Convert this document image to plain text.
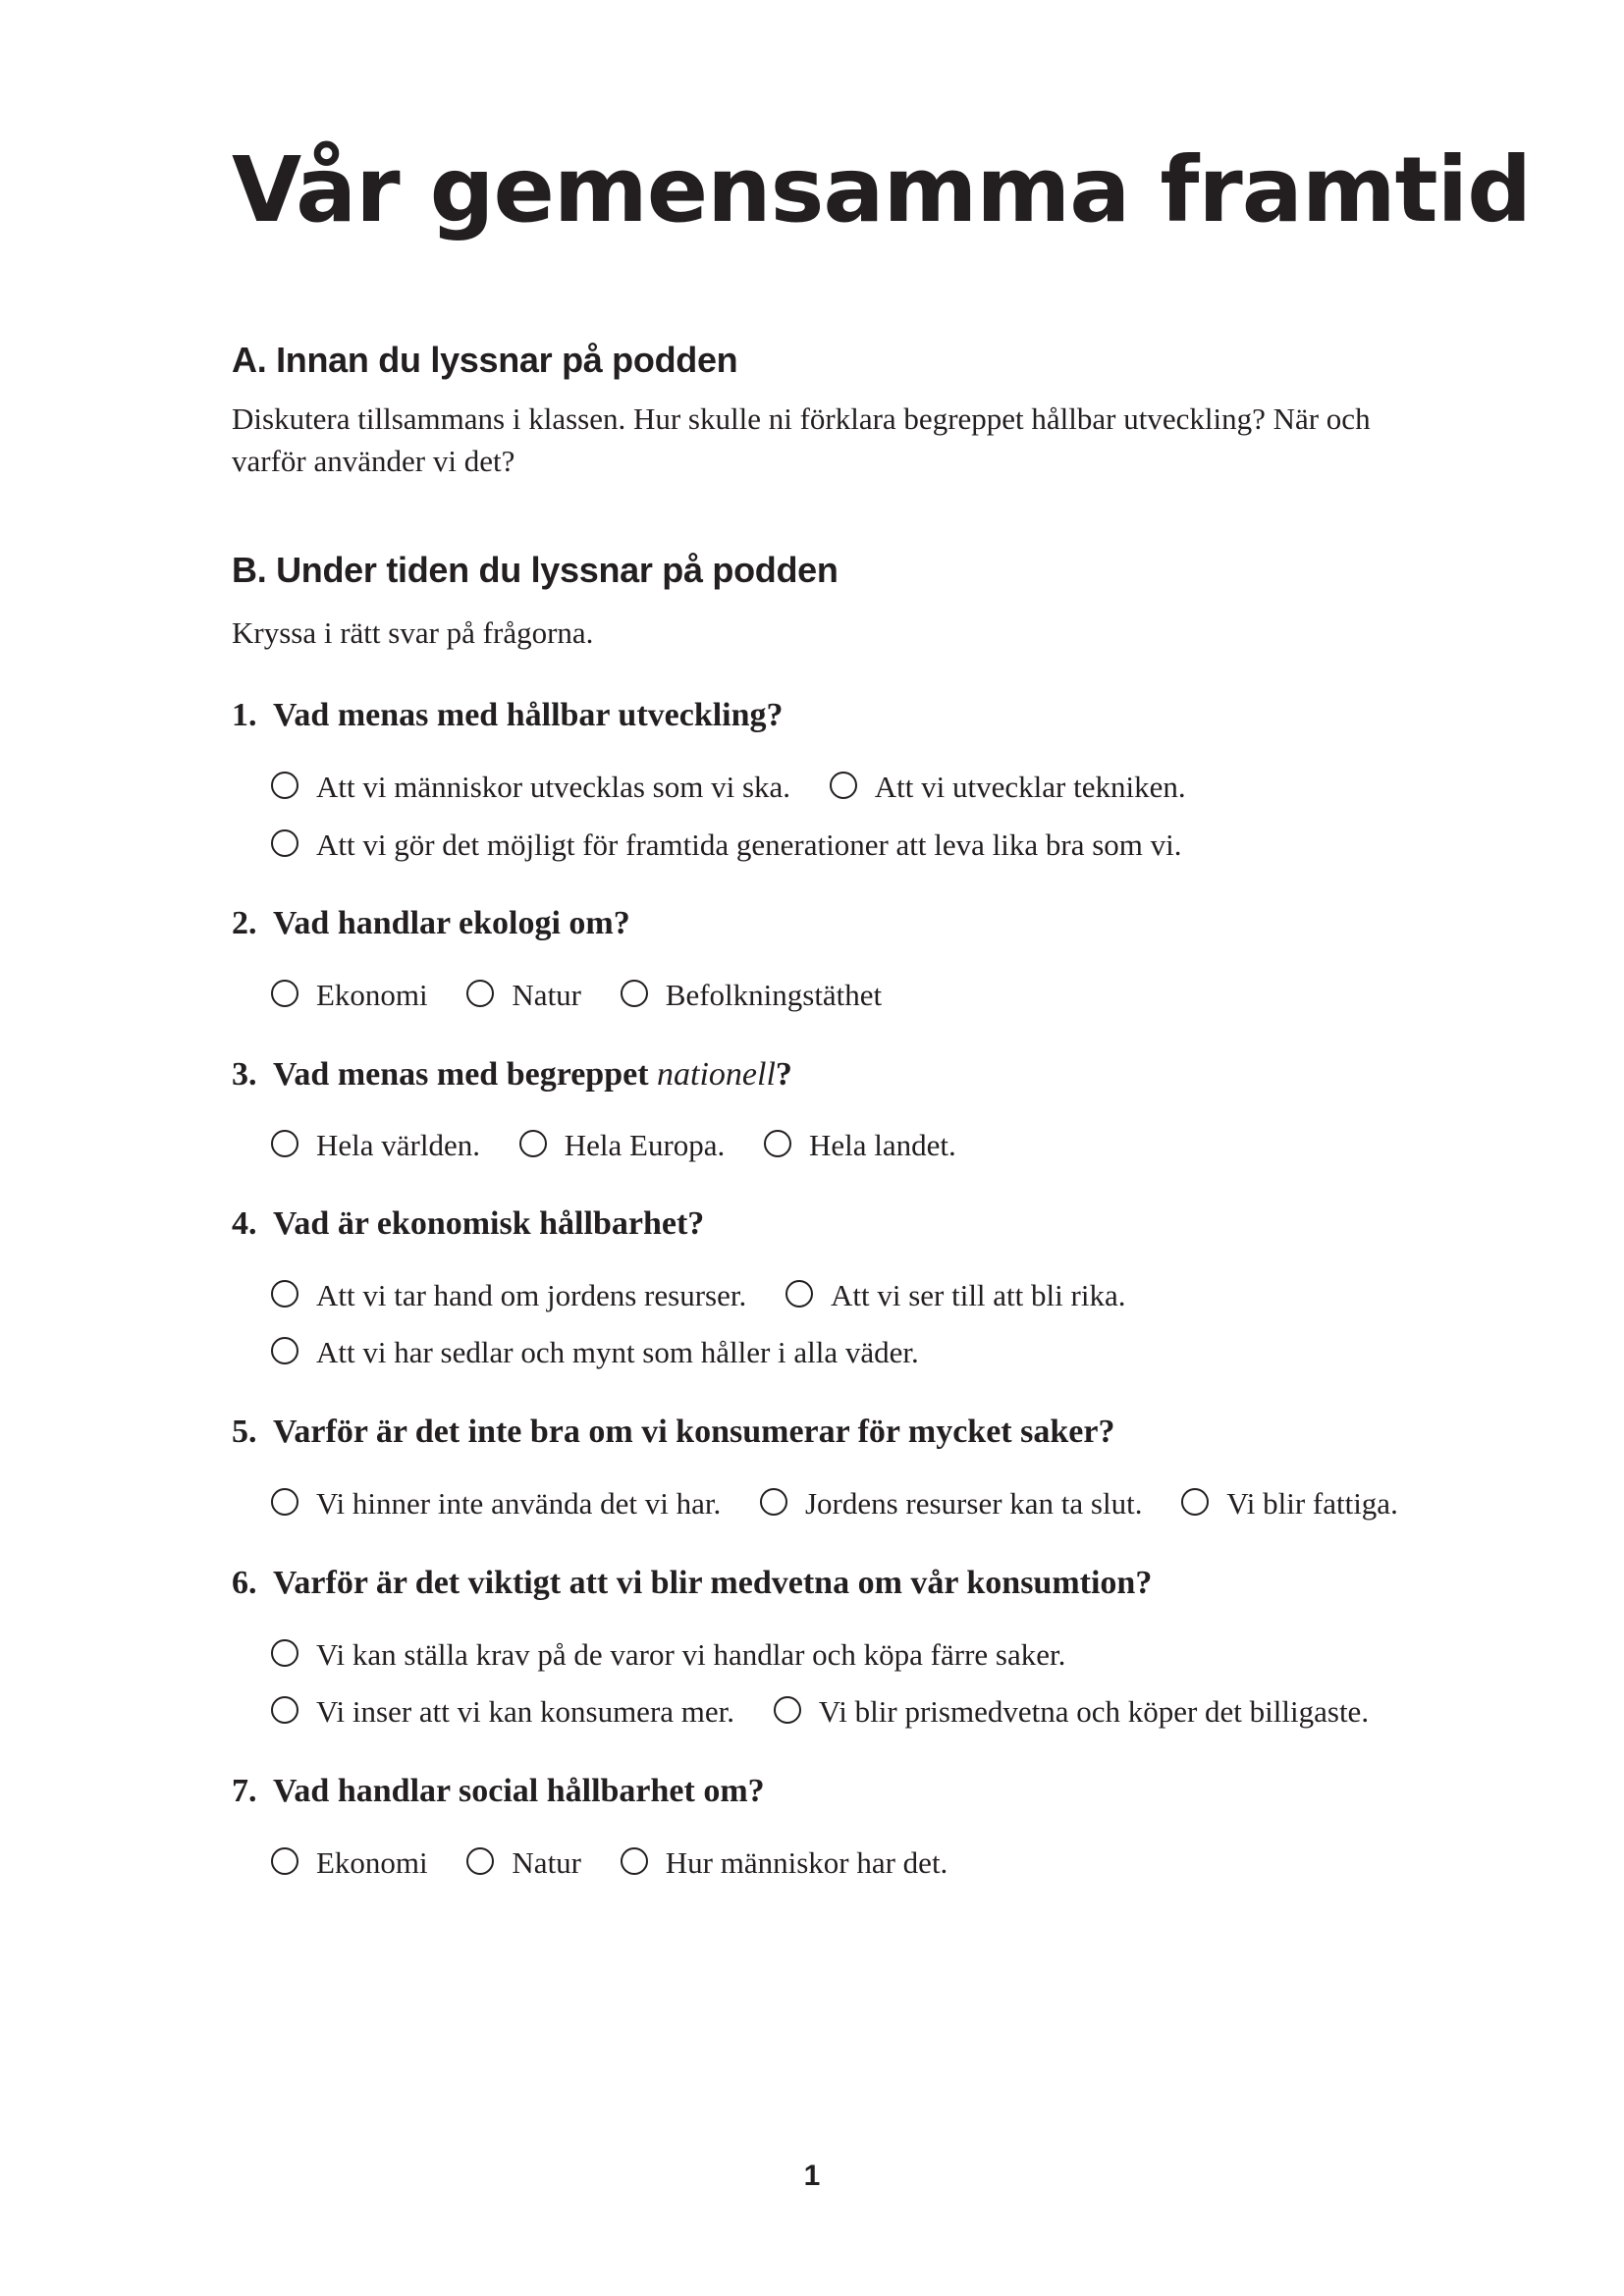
Vår gemensamma framtid
A. Innan du lyssnar på podden

Diskutera tillsammans i klassen. Hur skulle ni förklara begreppet hållbar utveckling? När och
varför använder vi det?

B. Under tiden du lyssnar på podden

Kryssa i rätt svar på frågorna.

1. Vad menas med hållbar utveckling?

Att vi människor utvecklas som vi ska.	Att vi utvecklar tekniken.
Att vi gör det möjligt för framtida generationer att leva lika bra som vi.

2. Vad handlar ekologi om?

Ekonomi	Natur	Befolkningstäthet

3. Vad menas med begreppet nationell?

Hela världen.	Hela Europa.	Hela landet.

4. Vad är ekonomisk hållbarhet?

Att vi tar hand om jordens resurser.	Att vi ser till att bli rika.
Att vi har sedlar och mynt som håller i alla väder.

5. Varför är det inte bra om vi konsumerar för mycket saker?

Vi hinner inte använda det vi har.	Jordens resurser kan ta slut.	Vi blir fattiga.

6. Varför är det viktigt att vi blir medvetna om vår konsumtion?

Vi kan ställa krav på de varor vi handlar och köpa färre saker.
Vi inser att vi kan konsumera mer.	Vi blir prismedvetna och köper det billigaste.

7. Vad handlar social hållbarhet om?

Ekonomi	Natur	Hur människor har det.
1
